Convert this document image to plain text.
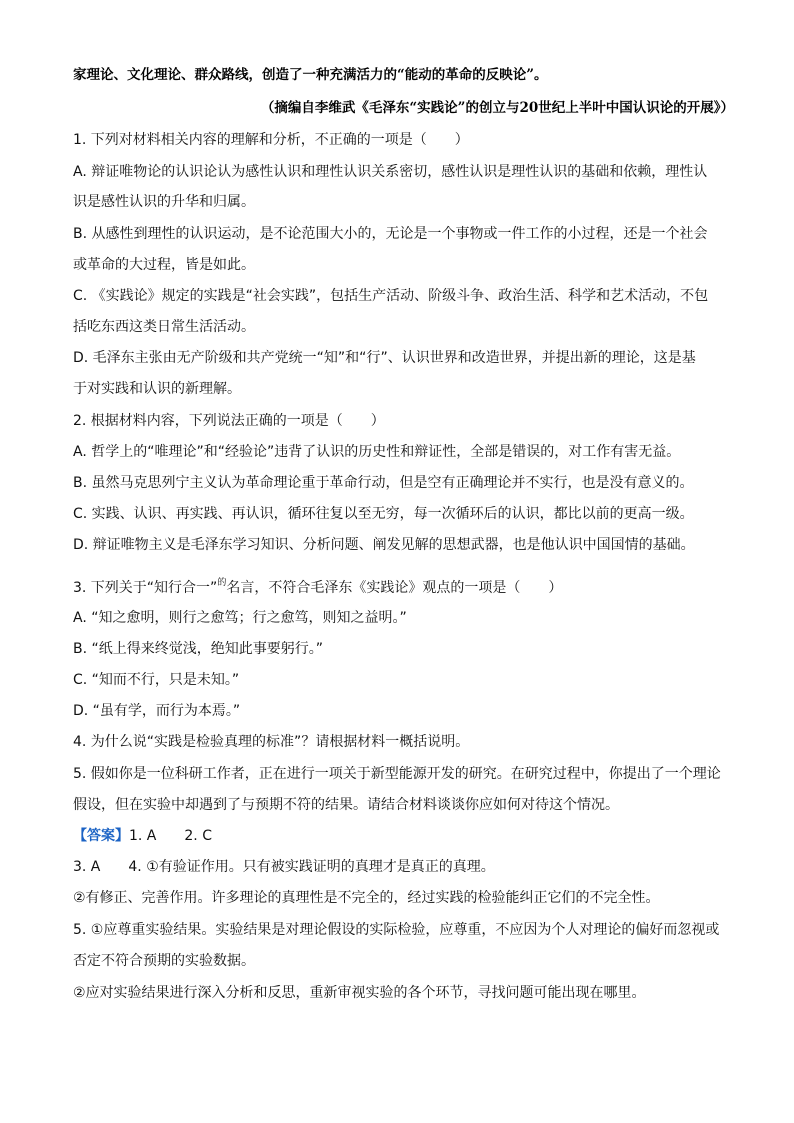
家理论、文化理论、群众路线，创造了一种充满活力的“能动的革命的反映论”。
（摘编自李维武《毛泽东“实践论”的创立与20世纪上半叶中国认识论的开展》）
1. 下列对材料相关内容的理解和分析，不正确的一项是（　　）
A. 辩证唯物论的认识论认为感性认识和理性认识关系密切，感性认识是理性认识的基础和依赖，理性认
识是感性认识的升华和归属。
B. 从感性到理性的认识运动，是不论范围大小的，无论是一个事物或一件工作的小过程，还是一个社会
或革命的大过程，皆是如此。
C. 《实践论》规定的实践是“社会实践”，包括生产活动、阶级斗争、政治生活、科学和艺术活动，不包
括吃东西这类日常生活活动。
D. 毛泽东主张由无产阶级和共产党统一“知”和“行”、认识世界和改造世界，并提出新的理论，这是基
于对实践和认识的新理解。
2. 根据材料内容，下列说法正确的一项是（　　）
A. 哲学上的“唯理论”和“经验论”违背了认识的历史性和辩证性，全部是错误的，对工作有害无益。
B. 虽然马克思列宁主义认为革命理论重于革命行动，但是空有正确理论并不实行，也是没有意义的。
C. 实践、认识、再实践、再认识，循环往复以至无穷，每一次循环后的认识，都比以前的更高一级。
D. 辩证唯物主义是毛泽东学习知识、分析问题、阐发见解的思想武器，也是他认识中国国情的基础。
3. 下列关于“知行合一”$^的$名言，不符合毛泽东《实践论》观点的一项是（　　）
A. “知之愈明，则行之愈笃；行之愈笃，则知之益明。”
B. “纸上得来终觉浅，绝知此事要躬行。”
C. “知而不行，只是未知。”
D. “虽有学，而行为本焉。”
4. 为什么说“实践是检验真理的标准”？请根据材料一概括说明。
5. 假如你是一位科研工作者，正在进行一项关于新型能源开发的研究。在研究过程中，你提出了一个理论
假设，但在实验中却遇到了与预期不符的结果。请结合材料谈谈你应如何对待这个情况。
【答案】1. A　　2. C
3. A　　4. ①有验证作用。只有被实践证明的真理才是真正的真理。
②有修正、完善作用。许多理论的真理性是不完全的，经过实践的检验能纠正它们的不完全性。
5. ①应尊重实验结果。实验结果是对理论假设的实际检验，应尊重，不应因为个人对理论的偏好而忽视或
否定不符合预期的实验数据。
②应对实验结果进行深入分析和反思，重新审视实验的各个环节，寻找问题可能出现在哪里。
